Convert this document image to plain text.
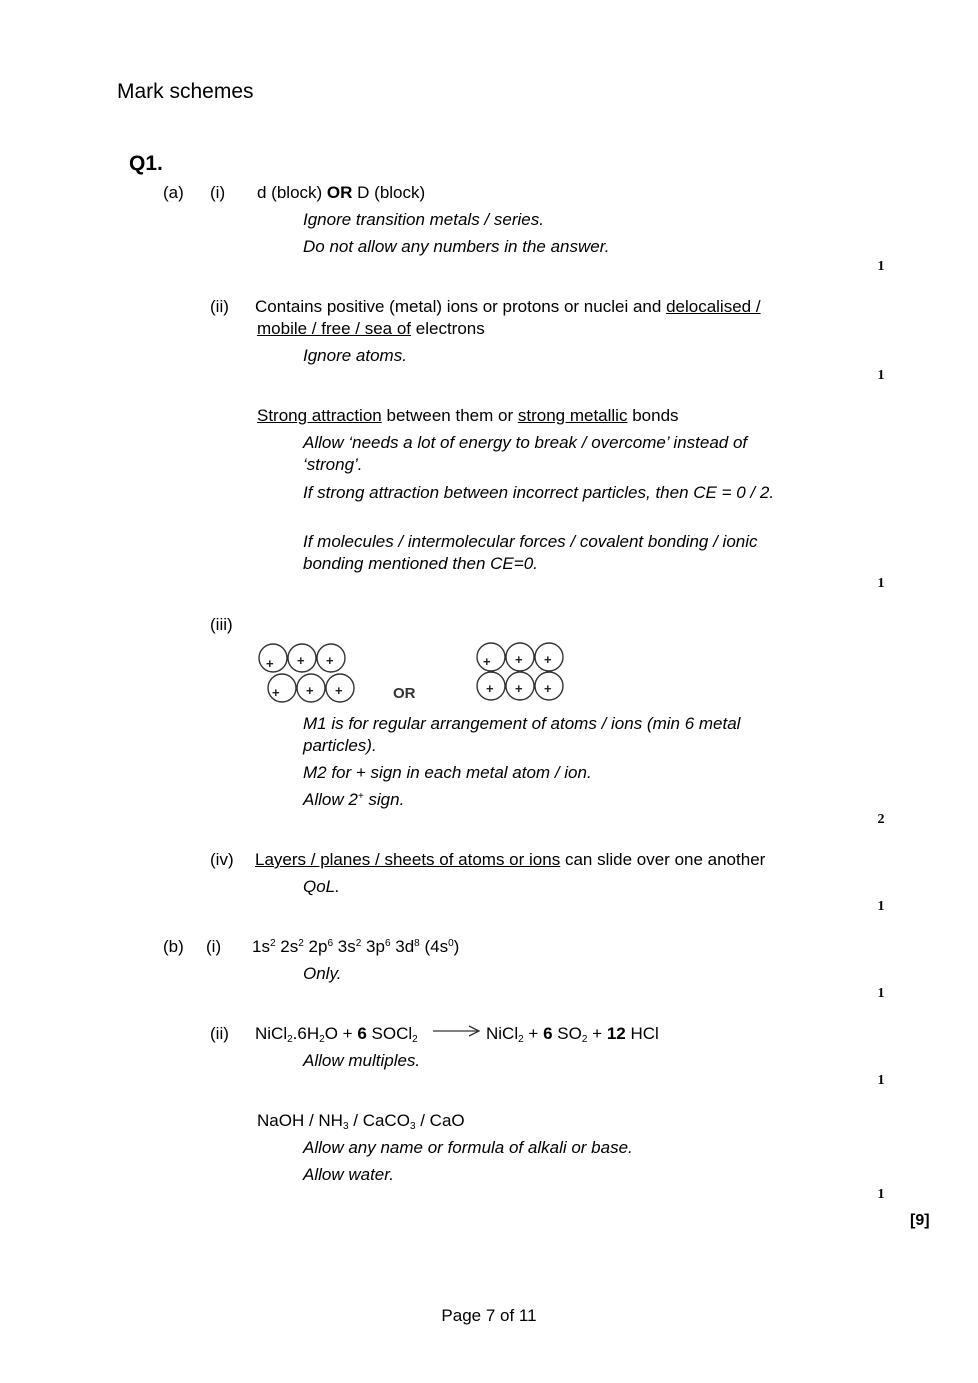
Mark schemes
Q1.
(a) (i) d (block) OR D (block)
Ignore transition metals / series.
Do not allow any numbers in the answer.
1
(ii) Contains positive (metal) ions or protons or nuclei and delocalised /
mobile / free / sea of electrons
Ignore atoms.
1
Strong attraction between them or strong metallic bonds
Allow ‘needs a lot of energy to break / overcome’ instead of ‘strong’.
If strong attraction between incorrect particles, then CE = 0 / 2.
If molecules / intermolecular forces / covalent bonding / ionic bonding mentioned then CE=0.
1
(iii)
+ + +
+ + +	OR
+ + +
+ + +
M1 is for regular arrangement of atoms / ions (min 6 metal particles).
M2 for + sign in each metal atom / ion.
Allow 2+ sign.
2
(iv) Layers / planes / sheets of atoms or ions can slide over one another
QoL.
1
(b) (i) $1s^2$ $2s^2$ $2p^6$ $3s^2$ $3p^6$ $3d^8$ $(4s^0)$
Only.
1
(ii) $NiCl_2.6H_2O + 6$ SOCl$_2$ → NiCl$_2$ + 6 $SO_2 + 12$ HCl
Allow multiples.
1
NaOH / $NH_3$ / CaCO$_3$ / CaO
Allow any name or formula of alkali or base.
Allow water.
1
[9]
Page 7 of 11
